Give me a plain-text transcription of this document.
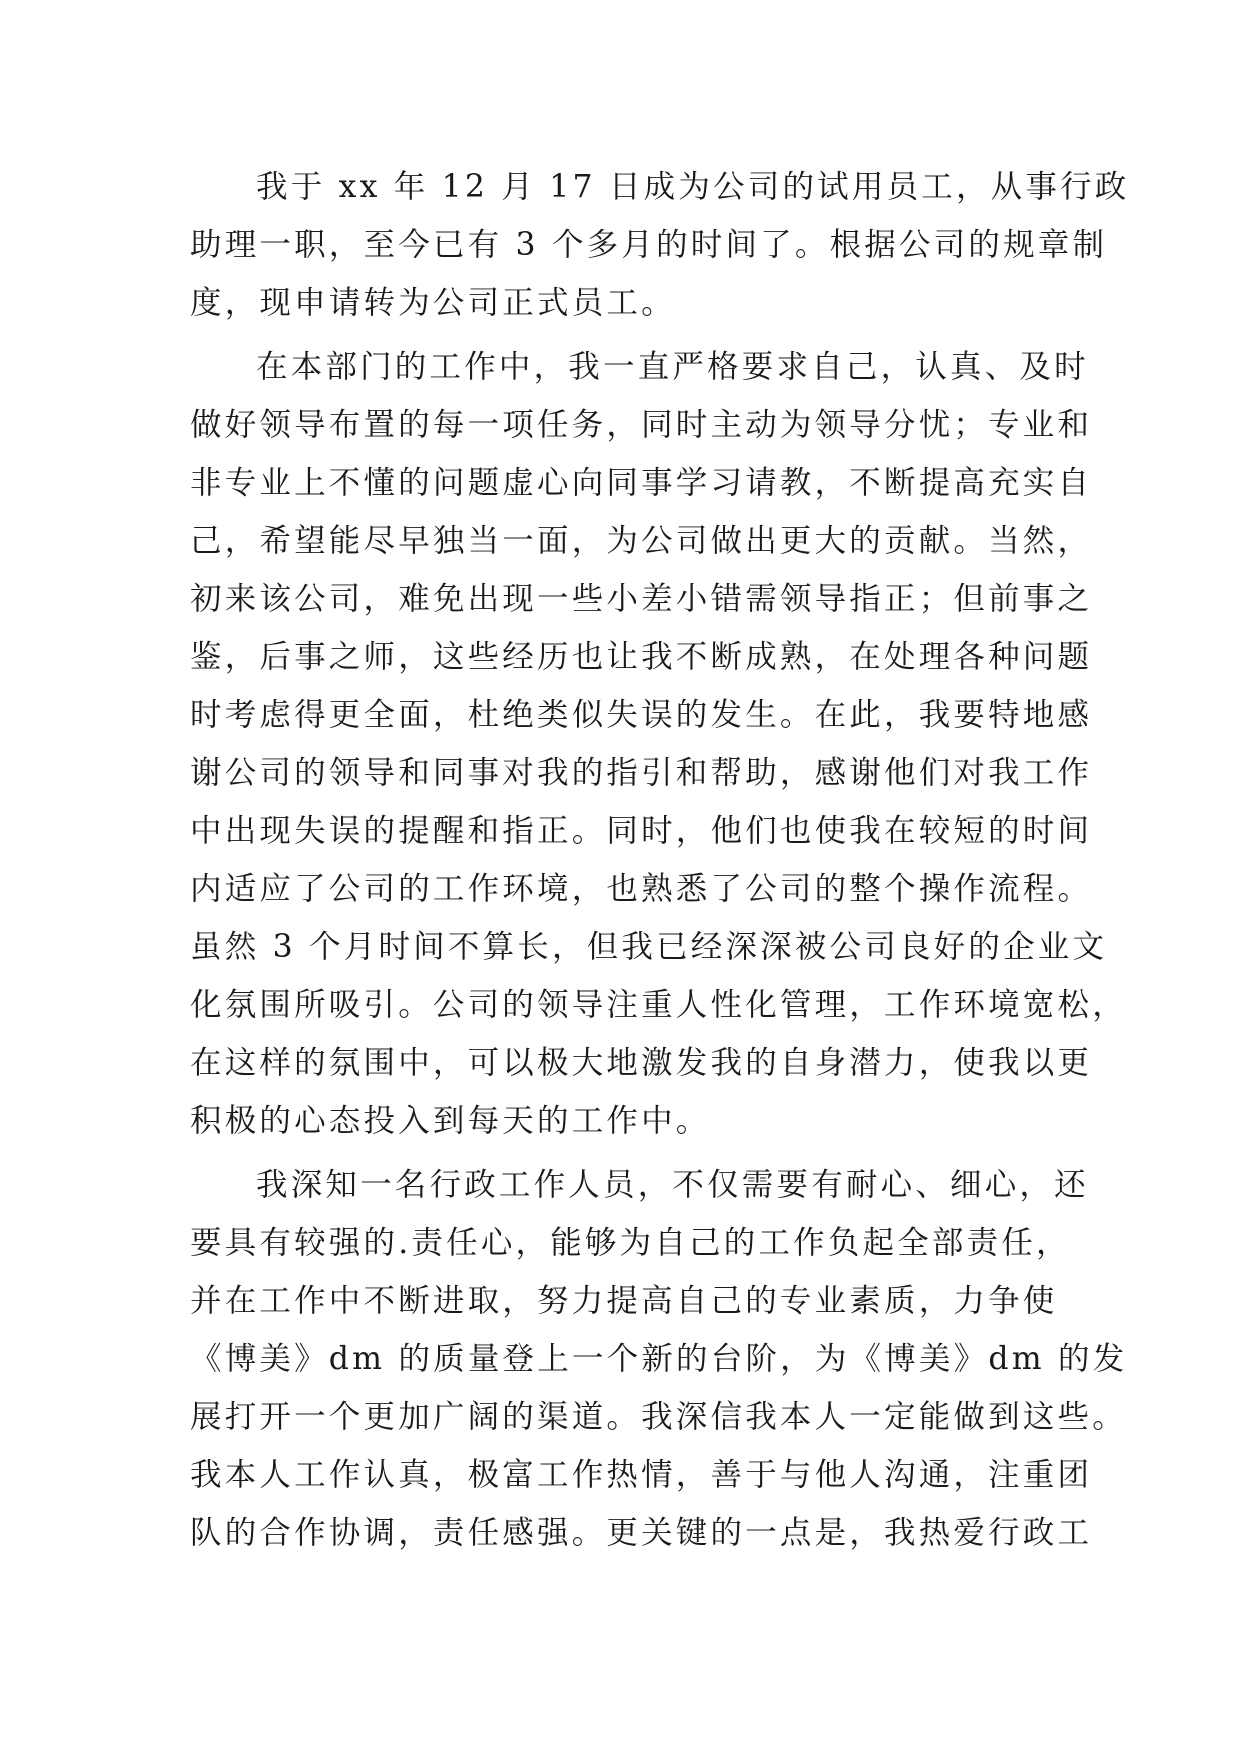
我于 xx 年 12 月 17 日成为公司的试用员工，从事行政
助理一职，至今已有 3 个多月的时间了。根据公司的规章制
度，现申请转为公司正式员工。
在本部门的工作中，我一直严格要求自己，认真、及时
做好领导布置的每一项任务，同时主动为领导分忧；专业和
非专业上不懂的问题虚心向同事学习请教，不断提高充实自
己，希望能尽早独当一面，为公司做出更大的贡献。当然，
初来该公司，难免出现一些小差小错需领导指正；但前事之
鉴，后事之师，这些经历也让我不断成熟，在处理各种问题
时考虑得更全面，杜绝类似失误的发生。在此，我要特地感
谢公司的领导和同事对我的指引和帮助，感谢他们对我工作
中出现失误的提醒和指正。同时，他们也使我在较短的时间
内适应了公司的工作环境，也熟悉了公司的整个操作流程。
虽然 3 个月时间不算长，但我已经深深被公司良好的企业文
化氛围所吸引。公司的领导注重人性化管理，工作环境宽松，
在这样的氛围中，可以极大地激发我的自身潜力，使我以更
积极的心态投入到每天的工作中。
我深知一名行政工作人员，不仅需要有耐心、细心，还
要具有较强的.责任心，能够为自己的工作负起全部责任，
并在工作中不断进取，努力提高自己的专业素质，力争使
《博美》dm 的质量登上一个新的台阶，为《博美》dm 的发
展打开一个更加广阔的渠道。我深信我本人一定能做到这些。
我本人工作认真，极富工作热情，善于与他人沟通，注重团
队的合作协调，责任感强。更关键的一点是，我热爱行政工
